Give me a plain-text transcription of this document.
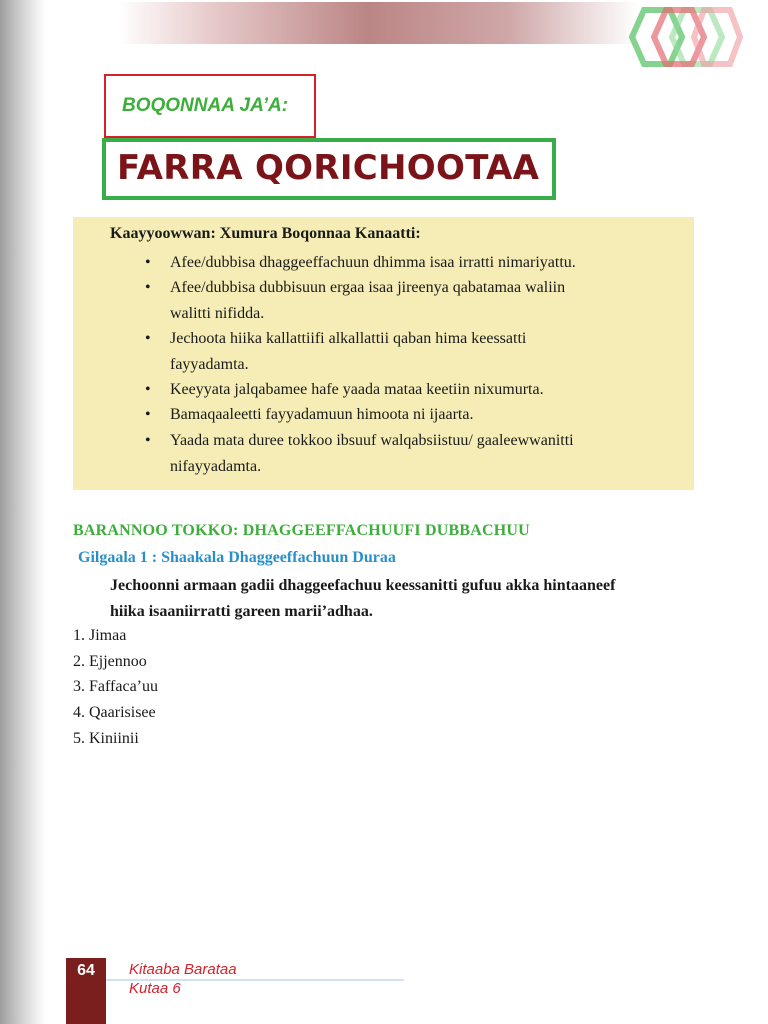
BOQONNAA JA’A:
FARRA QORICHOOTAA
Kaayyoowwan: Xumura Boqonnaa Kanaatti:
• Afee/dubbisa dhaggeeffachuun dhimma isaa irratti nimariyattu.

• Afee/dubbisa dubbisuun ergaa isaa jireenya qabatamaa waliin
walitti nifidda.

• Jechoota hiika kallattiifi alkallattii qaban hima keessatti
fayyadamta.

• Keeyyata jalqabamee hafe yaada mataa keetiin nixumurta.

• Bamaqaaleetti fayyadamuun himoota ni ijaarta.

• Yaada mata duree tokkoo ibsuuf walqabsiistuu/ gaaleewwanitti
nifayyadamta.

BARANNOO TOKKO: DHAGGEEFFACHUUFI DUBBACHUU
Gilgaala 1 : Shaakala Dhaggeeffachuun Duraa

Jechoonni armaan gadii dhaggeefachuu keessanitti gufuu akka hintaaneef
hiika isaaniirratti gareen marii’adhaa.

1. Jimaa
2. Ejjennoo
3. Faffaca’uu
4. Qaarisisee
5. Kiniinii
64	Kitaaba Barataa
Kutaa 6
